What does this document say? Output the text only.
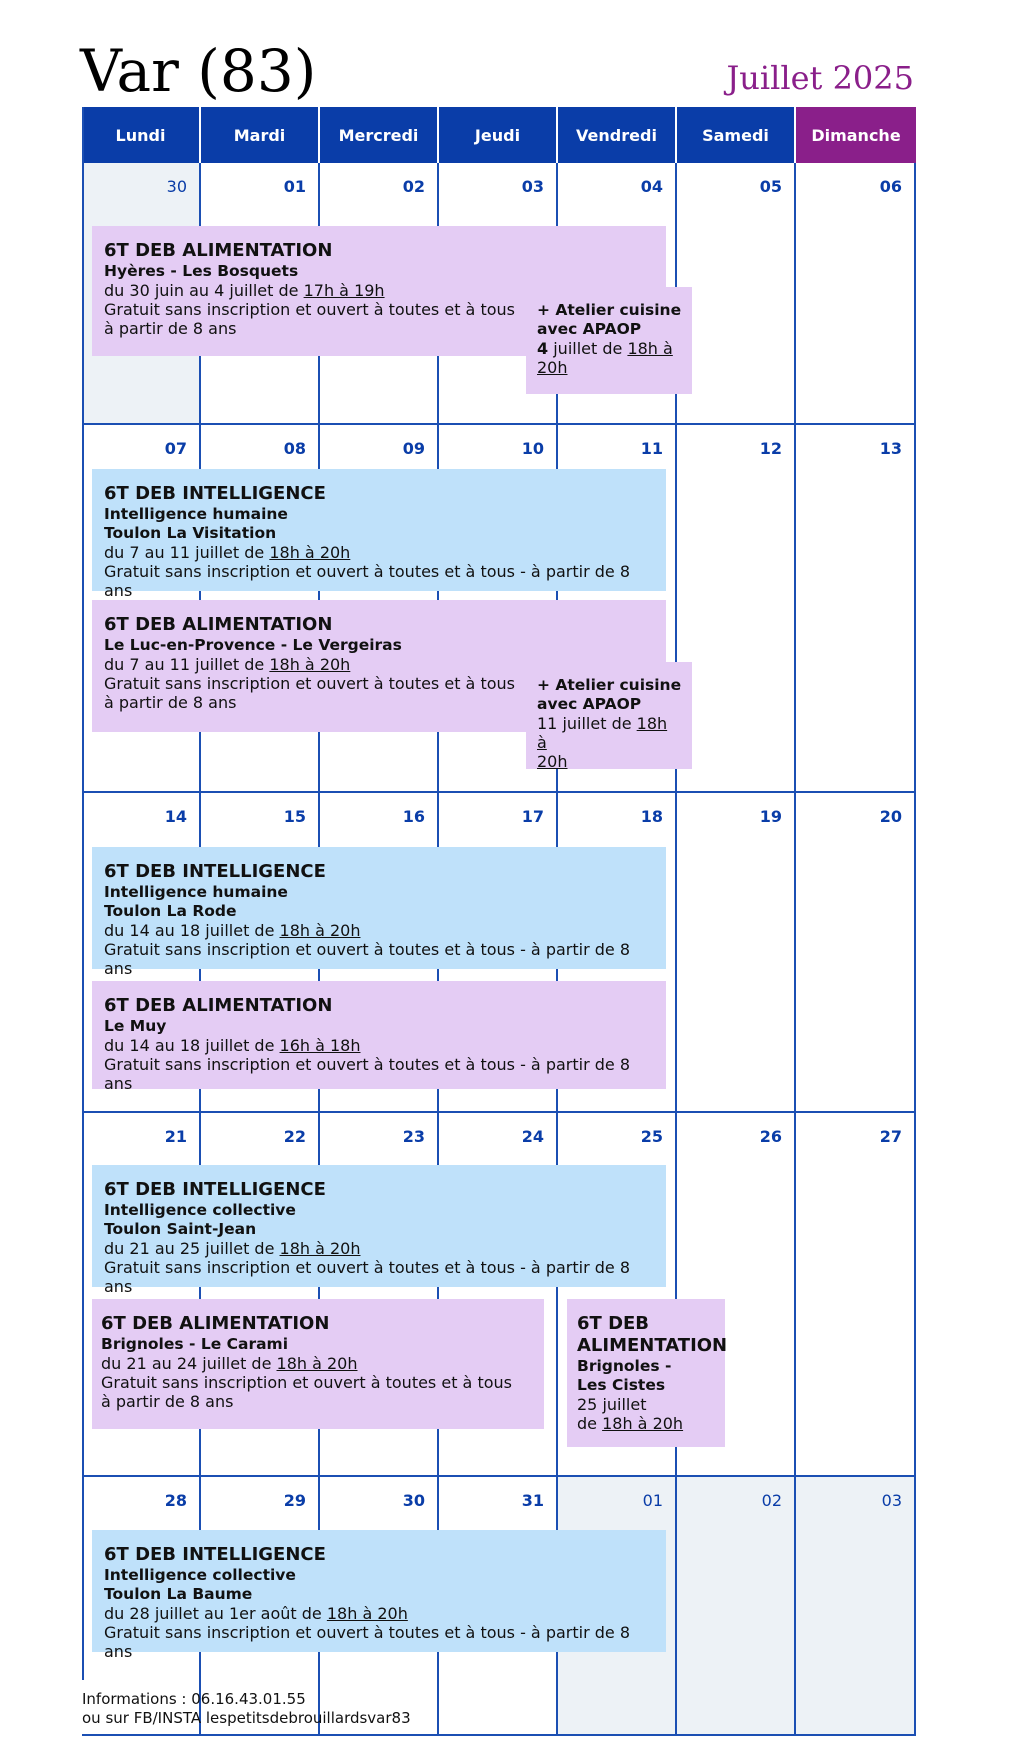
Var (83)	Juillet 2025
Lundi	Mardi	Mercredi	Jeudi	Vendredi	Samedi	Dimanche
30	01	02	03	04	05	06
07	08	09	10	11	12	13
14	15	16	17	18	19	20
21	22	23	24	25	26	27
28	29	30	31	01	02	03
6T DEB ALIMENTATION
Hyères - Les Bosquets
du 30 juin au 4 juillet de 17h à 19h
Gratuit sans inscription et ouvert à toutes et à tous
à partir de 8 ans
+ Atelier cuisine
avec APAOP
4 juillet de 18h à
20h
6T DEB INTELLIGENCE
Intelligence humaine
Toulon La Visitation
du 7 au 11 juillet de 18h à 20h
Gratuit sans inscription et ouvert à toutes et à tous - à partir de 8 ans
6T DEB ALIMENTATION
Le Luc-en-Provence - Le Vergeiras
du 7 au 11 juillet de 18h à 20h
Gratuit sans inscription et ouvert à toutes et à tous
à partir de 8 ans
+ Atelier cuisine
avec APAOP
11 juillet de 18h à
20h
6T DEB INTELLIGENCE
Intelligence humaine
Toulon La Rode
du 14 au 18 juillet de 18h à 20h
Gratuit sans inscription et ouvert à toutes et à tous - à partir de 8 ans
6T DEB ALIMENTATION
Le Muy
du 14 au 18 juillet de 16h à 18h
Gratuit sans inscription et ouvert à toutes et à tous - à partir de 8 ans
6T DEB INTELLIGENCE
Intelligence collective
Toulon Saint-Jean
du 21 au 25 juillet de 18h à 20h
Gratuit sans inscription et ouvert à toutes et à tous - à partir de 8 ans
6T DEB ALIMENTATION
Brignoles - Le Carami
du 21 au 24 juillet de 18h à 20h
Gratuit sans inscription et ouvert à toutes et à tous
à partir de 8 ans
6T DEB
ALIMENTATION
Brignoles -
Les Cistes
25 juillet
de 18h à 20h
6T DEB INTELLIGENCE
Intelligence collective
Toulon La Baume
du 28 juillet au 1er août de 18h à 20h
Gratuit sans inscription et ouvert à toutes et à tous - à partir de 8 ans
Informations : 06.16.43.01.55
ou sur FB/INSTA lespetitsdebrouillardsvar83
